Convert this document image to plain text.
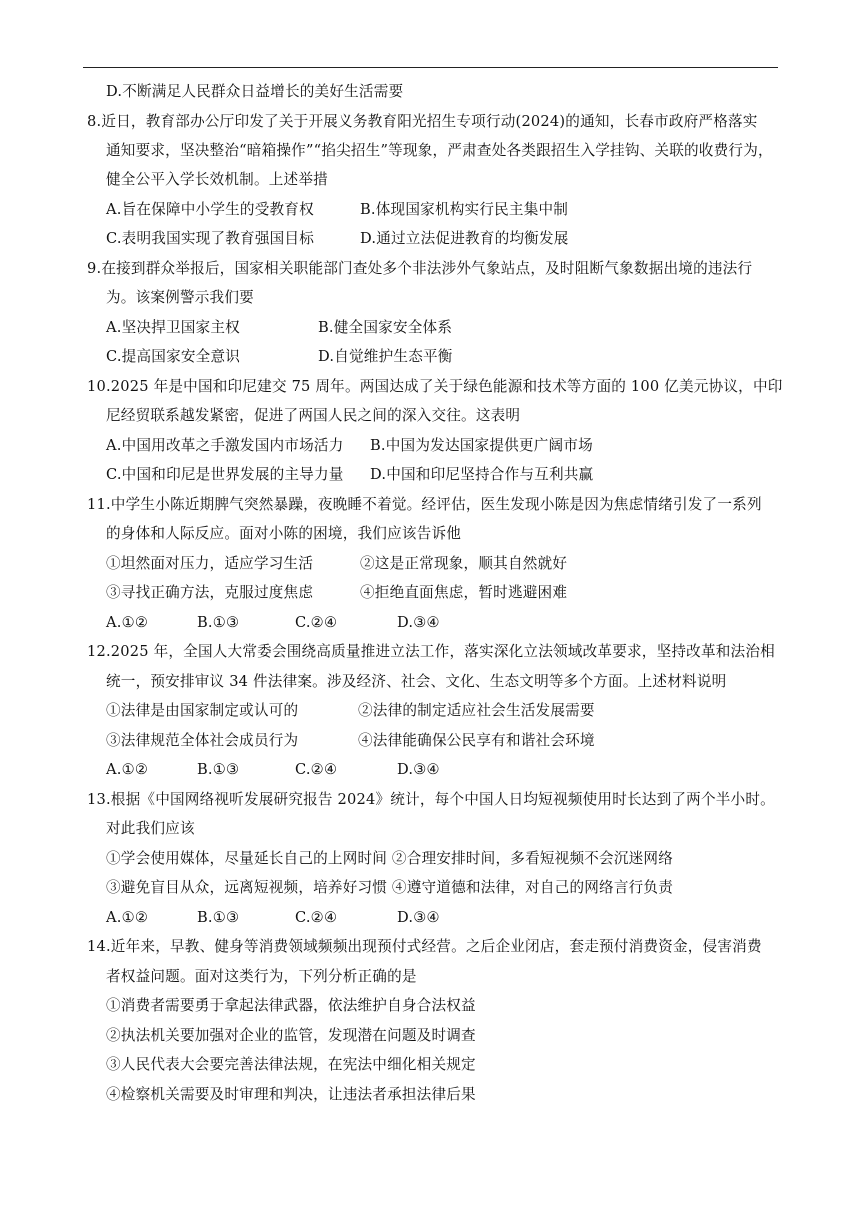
D.不断满足人民群众日益增长的美好生活需要
8.近日，教育部办公厅印发了关于开展义务教育阳光招生专项行动(2024)的通知，长春市政府严格落实
通知要求，坚决整治“暗箱操作”“掐尖招生”等现象，严肃查处各类跟招生入学挂钩、关联的收费行为，
健全公平入学长效机制。上述举措
A.旨在保障中小学生的受教育权	B.体现国家机构实行民主集中制
C.表明我国实现了教育强国目标	D.通过立法促进教育的均衡发展
9.在接到群众举报后，国家相关职能部门查处多个非法涉外气象站点，及时阻断气象数据出境的违法行
为。该案例警示我们要
A.坚决捍卫国家主权	B.健全国家安全体系
C.提高国家安全意识	D.自觉维护生态平衡
10.2025 年是中国和印尼建交 75 周年。两国达成了关于绿色能源和技术等方面的 100 亿美元协议，中印
尼经贸联系越发紧密，促进了两国人民之间的深入交往。这表明
A.中国用改革之手激发国内市场活力 B.中国为发达国家提供更广阔市场
C.中国和印尼是世界发展的主导力量 D.中国和印尼坚持合作与互利共赢
11.中学生小陈近期脾气突然暴躁，夜晚睡不着觉。经评估，医生发现小陈是因为焦虑情绪引发了一系列
的身体和人际反应。面对小陈的困境，我们应该告诉他
①坦然面对压力，适应学习生活	②这是正常现象，顺其自然就好
③寻找正确方法，克服过度焦虑	④拒绝直面焦虑，暂时逃避困难
A.①②	B.①③	C.②④	D.③④
12.2025 年，全国人大常委会围绕高质量推进立法工作，落实深化立法领域改革要求，坚持改革和法治相
统一，预安排审议 34 件法律案。涉及经济、社会、文化、生态文明等多个方面。上述材料说明
①法律是由国家制定或认可的	②法律的制定适应社会生活发展需要
③法律规范全体社会成员行为	④法律能确保公民享有和谐社会环境
A.①②	B.①③	C.②④	D.③④
13.根据《中国网络视听发展研究报告 2024》统计，每个中国人日均短视频使用时长达到了两个半小时。
对此我们应该
①学会使用媒体，尽量延长自己的上网时间 ②合理安排时间，多看短视频不会沉迷网络
③避免盲目从众，远离短视频，培养好习惯 ④遵守道德和法律，对自己的网络言行负责
A.①②	B.①③	C.②④	D.③④
14.近年来，早教、健身等消费领域频频出现预付式经营。之后企业闭店，套走预付消费资金，侵害消费
者权益问题。面对这类行为，下列分析正确的是
①消费者需要勇于拿起法律武器，依法维护自身合法权益
②执法机关要加强对企业的监管，发现潜在问题及时调查
③人民代表大会要完善法律法规，在宪法中细化相关规定
④检察机关需要及时审理和判决，让违法者承担法律后果
